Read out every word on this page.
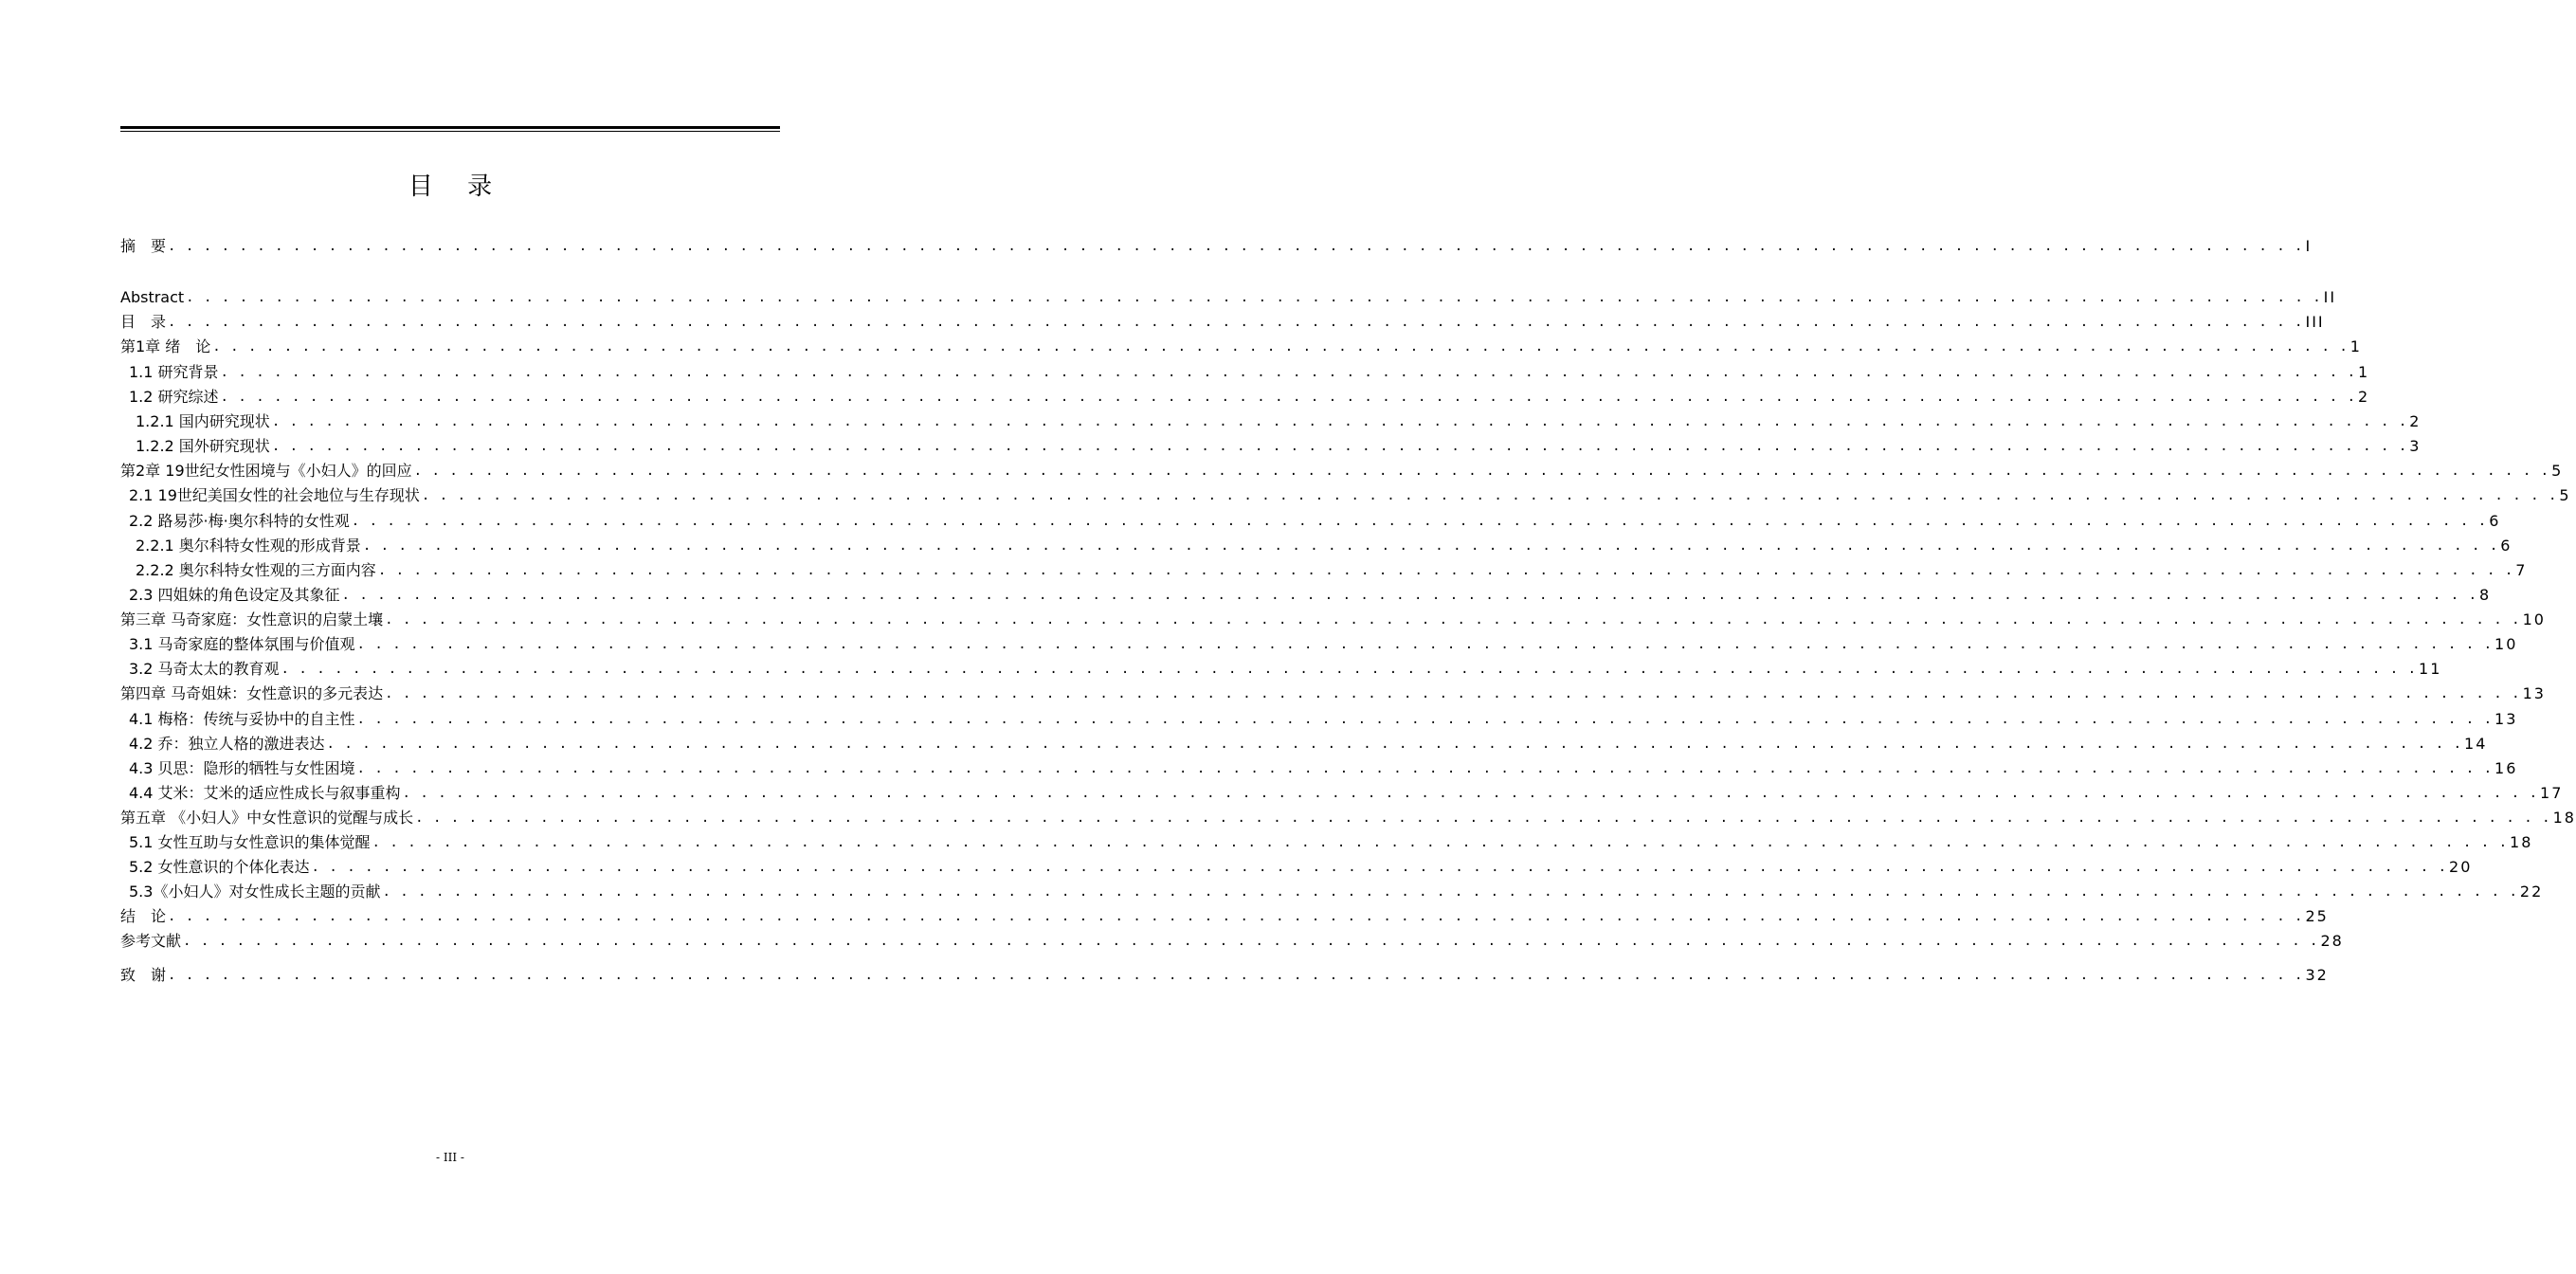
目 录
摘　要 . . . . . . . . . . . . . . . . . . . . . . . . . . . . . . . . . . . . . . . . . . . . . . . . . . . . . . . . . . . . . . . . . . . . . . . . . . . . . . . . . . . . . . . . . . . . . . . . . . . . . . . . . . . . . . . . . . . . . . . . I
Abstract . . . . . . . . . . . . . . . . . . . . . . . . . . . . . . . . . . . . . . . . . . . . . . . . . . . . . . . . . . . . . . . . . . . . . . . . . . . . . . . . . . . . . . . . . . . . . . . . . . . . . . . . . . . . . . . . . . . . . . . . II
目　录 . . . . . . . . . . . . . . . . . . . . . . . . . . . . . . . . . . . . . . . . . . . . . . . . . . . . . . . . . . . . . . . . . . . . . . . . . . . . . . . . . . . . . . . . . . . . . . . . . . . . . . . . . . . . . . . . . . . . . . . . III
第1章 绪　论 . . . . . . . . . . . . . . . . . . . . . . . . . . . . . . . . . . . . . . . . . . . . . . . . . . . . . . . . . . . . . . . . . . . . . . . . . . . . . . . . . . . . . . . . . . . . . . . . . . . . . . . . . . . . . . . . . . . . . . . . 1
1.1 研究背景 . . . . . . . . . . . . . . . . . . . . . . . . . . . . . . . . . . . . . . . . . . . . . . . . . . . . . . . . . . . . . . . . . . . . . . . . . . . . . . . . . . . . . . . . . . . . . . . . . . . . . . . . . . . . . . . . . . . . . . . . 1
1.2 研究综述 . . . . . . . . . . . . . . . . . . . . . . . . . . . . . . . . . . . . . . . . . . . . . . . . . . . . . . . . . . . . . . . . . . . . . . . . . . . . . . . . . . . . . . . . . . . . . . . . . . . . . . . . . . . . . . . . . . . . . . . . 2
1.2.1 国内研究现状 . . . . . . . . . . . . . . . . . . . . . . . . . . . . . . . . . . . . . . . . . . . . . . . . . . . . . . . . . . . . . . . . . . . . . . . . . . . . . . . . . . . . . . . . . . . . . . . . . . . . . . . . . . . . . . . . . . . . . . . . 2
1.2.2 国外研究现状 . . . . . . . . . . . . . . . . . . . . . . . . . . . . . . . . . . . . . . . . . . . . . . . . . . . . . . . . . . . . . . . . . . . . . . . . . . . . . . . . . . . . . . . . . . . . . . . . . . . . . . . . . . . . . . . . . . . . . . . . 3
第2章 19世纪女性困境与《小妇人》的回应 . . . . . . . . . . . . . . . . . . . . . . . . . . . . . . . . . . . . . . . . . . . . . . . . . . . . . . . . . . . . . . . . . . . . . . . . . . . . . . . . . . . . . . . . . . . . . . . . . . . . . . . . . . . . . . . . . . . . . . . . 5
2.1 19世纪美国女性的社会地位与生存现状 . . . . . . . . . . . . . . . . . . . . . . . . . . . . . . . . . . . . . . . . . . . . . . . . . . . . . . . . . . . . . . . . . . . . . . . . . . . . . . . . . . . . . . . . . . . . . . . . . . . . . . . . . . . . . . . . . . . . . . . . 5
2.2 路易莎·梅·奥尔科特的女性观 . . . . . . . . . . . . . . . . . . . . . . . . . . . . . . . . . . . . . . . . . . . . . . . . . . . . . . . . . . . . . . . . . . . . . . . . . . . . . . . . . . . . . . . . . . . . . . . . . . . . . . . . . . . . . . . . . . . . . . . . 6
2.2.1 奥尔科特女性观的形成背景 . . . . . . . . . . . . . . . . . . . . . . . . . . . . . . . . . . . . . . . . . . . . . . . . . . . . . . . . . . . . . . . . . . . . . . . . . . . . . . . . . . . . . . . . . . . . . . . . . . . . . . . . . . . . . . . . . . . . . . . . 6
2.2.2 奥尔科特女性观的三方面内容 . . . . . . . . . . . . . . . . . . . . . . . . . . . . . . . . . . . . . . . . . . . . . . . . . . . . . . . . . . . . . . . . . . . . . . . . . . . . . . . . . . . . . . . . . . . . . . . . . . . . . . . . . . . . . . . . . . . . . . . . 7
2.3 四姐妹的角色设定及其象征 . . . . . . . . . . . . . . . . . . . . . . . . . . . . . . . . . . . . . . . . . . . . . . . . . . . . . . . . . . . . . . . . . . . . . . . . . . . . . . . . . . . . . . . . . . . . . . . . . . . . . . . . . . . . . . . . . . . . . . . . 8
第三章 马奇家庭：女性意识的启蒙土壤 . . . . . . . . . . . . . . . . . . . . . . . . . . . . . . . . . . . . . . . . . . . . . . . . . . . . . . . . . . . . . . . . . . . . . . . . . . . . . . . . . . . . . . . . . . . . . . . . . . . . . . . . . . . . . . . . . . . . . . . . 10
3.1 马奇家庭的整体氛围与价值观 . . . . . . . . . . . . . . . . . . . . . . . . . . . . . . . . . . . . . . . . . . . . . . . . . . . . . . . . . . . . . . . . . . . . . . . . . . . . . . . . . . . . . . . . . . . . . . . . . . . . . . . . . . . . . . . . . . . . . . . . 10
3.2 马奇太太的教育观 . . . . . . . . . . . . . . . . . . . . . . . . . . . . . . . . . . . . . . . . . . . . . . . . . . . . . . . . . . . . . . . . . . . . . . . . . . . . . . . . . . . . . . . . . . . . . . . . . . . . . . . . . . . . . . . . . . . . . . . . 11
第四章 马奇姐妹：女性意识的多元表达 . . . . . . . . . . . . . . . . . . . . . . . . . . . . . . . . . . . . . . . . . . . . . . . . . . . . . . . . . . . . . . . . . . . . . . . . . . . . . . . . . . . . . . . . . . . . . . . . . . . . . . . . . . . . . . . . . . . . . . . . 13
4.1 梅格：传统与妥协中的自主性 . . . . . . . . . . . . . . . . . . . . . . . . . . . . . . . . . . . . . . . . . . . . . . . . . . . . . . . . . . . . . . . . . . . . . . . . . . . . . . . . . . . . . . . . . . . . . . . . . . . . . . . . . . . . . . . . . . . . . . . . 13
4.2 乔：独立人格的激进表达 . . . . . . . . . . . . . . . . . . . . . . . . . . . . . . . . . . . . . . . . . . . . . . . . . . . . . . . . . . . . . . . . . . . . . . . . . . . . . . . . . . . . . . . . . . . . . . . . . . . . . . . . . . . . . . . . . . . . . . . . 14
4.3 贝思：隐形的牺牲与女性困境 . . . . . . . . . . . . . . . . . . . . . . . . . . . . . . . . . . . . . . . . . . . . . . . . . . . . . . . . . . . . . . . . . . . . . . . . . . . . . . . . . . . . . . . . . . . . . . . . . . . . . . . . . . . . . . . . . . . . . . . . 16
4.4 艾米：艾米的适应性成长与叙事重构 . . . . . . . . . . . . . . . . . . . . . . . . . . . . . . . . . . . . . . . . . . . . . . . . . . . . . . . . . . . . . . . . . . . . . . . . . . . . . . . . . . . . . . . . . . . . . . . . . . . . . . . . . . . . . . . . . . . . . . . . 17
第五章 《小妇人》中女性意识的觉醒与成长 . . . . . . . . . . . . . . . . . . . . . . . . . . . . . . . . . . . . . . . . . . . . . . . . . . . . . . . . . . . . . . . . . . . . . . . . . . . . . . . . . . . . . . . . . . . . . . . . . . . . . . . . . . . . . . . . . . . . . . . . 18
5.1 女性互助与女性意识的集体觉醒 . . . . . . . . . . . . . . . . . . . . . . . . . . . . . . . . . . . . . . . . . . . . . . . . . . . . . . . . . . . . . . . . . . . . . . . . . . . . . . . . . . . . . . . . . . . . . . . . . . . . . . . . . . . . . . . . . . . . . . . . 18
5.2 女性意识的个体化表达 . . . . . . . . . . . . . . . . . . . . . . . . . . . . . . . . . . . . . . . . . . . . . . . . . . . . . . . . . . . . . . . . . . . . . . . . . . . . . . . . . . . . . . . . . . . . . . . . . . . . . . . . . . . . . . . . . . . . . . . . 20
5.3《小妇人》对女性成长主题的贡献 . . . . . . . . . . . . . . . . . . . . . . . . . . . . . . . . . . . . . . . . . . . . . . . . . . . . . . . . . . . . . . . . . . . . . . . . . . . . . . . . . . . . . . . . . . . . . . . . . . . . . . . . . . . . . . . . . . . . . . . . 22
结　论 . . . . . . . . . . . . . . . . . . . . . . . . . . . . . . . . . . . . . . . . . . . . . . . . . . . . . . . . . . . . . . . . . . . . . . . . . . . . . . . . . . . . . . . . . . . . . . . . . . . . . . . . . . . . . . . . . . . . . . . . 25
参考文献 . . . . . . . . . . . . . . . . . . . . . . . . . . . . . . . . . . . . . . . . . . . . . . . . . . . . . . . . . . . . . . . . . . . . . . . . . . . . . . . . . . . . . . . . . . . . . . . . . . . . . . . . . . . . . . . . . . . . . . . . 28
致　谢 . . . . . . . . . . . . . . . . . . . . . . . . . . . . . . . . . . . . . . . . . . . . . . . . . . . . . . . . . . . . . . . . . . . . . . . . . . . . . . . . . . . . . . . . . . . . . . . . . . . . . . . . . . . . . . . . . . . . . . . . 32
- III -
